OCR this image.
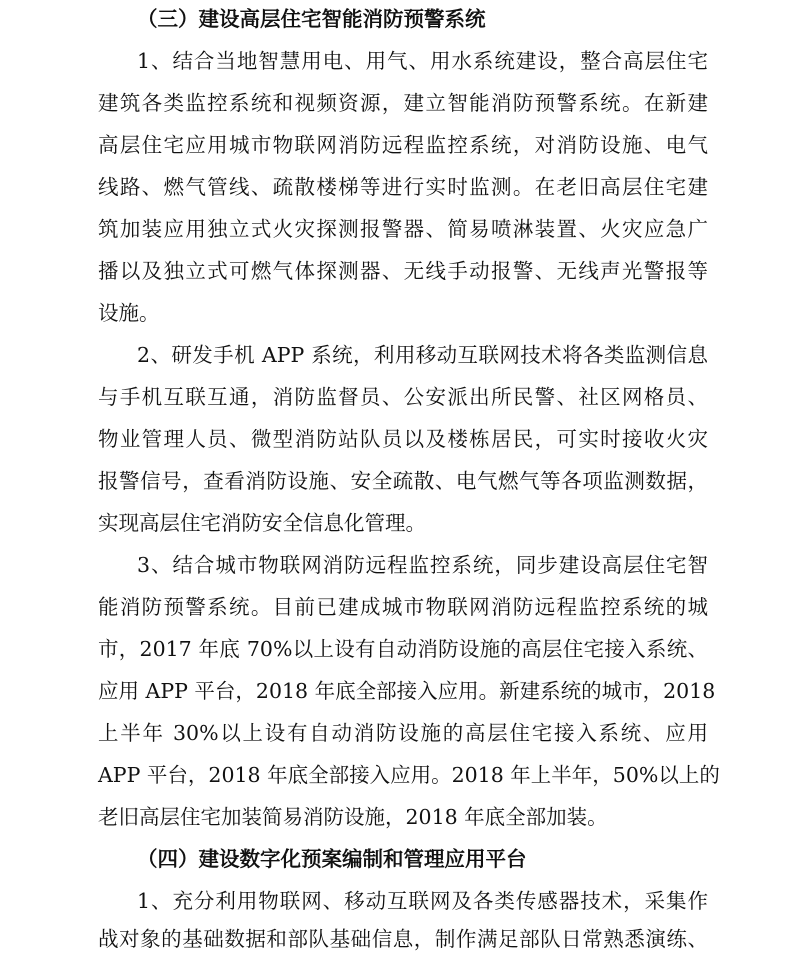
（三）建设高层住宅智能消防预警系统
1、结合当地智慧用电、用气、用水系统建设，整合高层住宅
建筑各类监控系统和视频资源，建立智能消防预警系统。在新建
高层住宅应用城市物联网消防远程监控系统，对消防设施、电气
线路、燃气管线、疏散楼梯等进行实时监测。在老旧高层住宅建
筑加装应用独立式火灾探测报警器、简易喷淋装置、火灾应急广
播以及独立式可燃气体探测器、无线手动报警、无线声光警报等
设施。
2、研发手机 APP 系统，利用移动互联网技术将各类监测信息
与手机互联互通，消防监督员、公安派出所民警、社区网格员、
物业管理人员、微型消防站队员以及楼栋居民，可实时接收火灾
报警信号，查看消防设施、安全疏散、电气燃气等各项监测数据，
实现高层住宅消防安全信息化管理。
3、结合城市物联网消防远程监控系统，同步建设高层住宅智
能消防预警系统。目前已建成城市物联网消防远程监控系统的城
市，2017 年底 70%以上设有自动消防设施的高层住宅接入系统、
应用 APP 平台，2018 年底全部接入应用。新建系统的城市，2018
上半年 30%以上设有自动消防设施的高层住宅接入系统、应用
APP 平台，2018 年底全部接入应用。2018 年上半年，50%以上的
老旧高层住宅加装简易消防设施，2018 年底全部加装。
（四）建设数字化预案编制和管理应用平台
1、充分利用物联网、移动互联网及各类传感器技术，采集作
战对象的基础数据和部队基础信息，制作满足部队日常熟悉演练、
